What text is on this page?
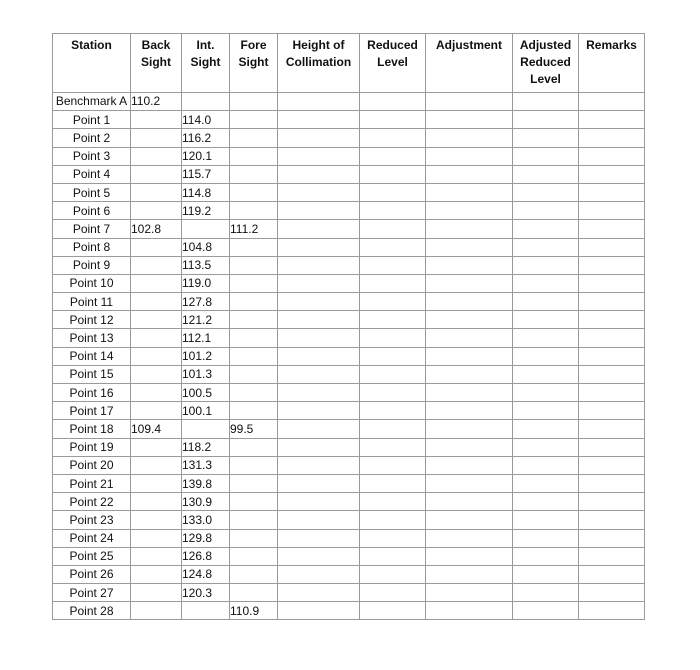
Station	Back Sight	Int. Sight	Fore Sight	Height of Collimation	Reduced Level	Adjustment	Adjusted Reduced Level	Remarks
Benchmark A	110.2							
Point 1		114.0						
Point 2		116.2						
Point 3		120.1						
Point 4		115.7						
Point 5		114.8						
Point 6		119.2						
Point 7	102.8		111.2					
Point 8		104.8						
Point 9		113.5						
Point 10		119.0						
Point 11		127.8						
Point 12		121.2						
Point 13		112.1						
Point 14		101.2						
Point 15		101.3						
Point 16		100.5						
Point 17		100.1						
Point 18	109.4		99.5					
Point 19		118.2						
Point 20		131.3						
Point 21		139.8						
Point 22		130.9						
Point 23		133.0						
Point 24		129.8						
Point 25		126.8						
Point 26		124.8						
Point 27		120.3						
Point 28			110.9					
